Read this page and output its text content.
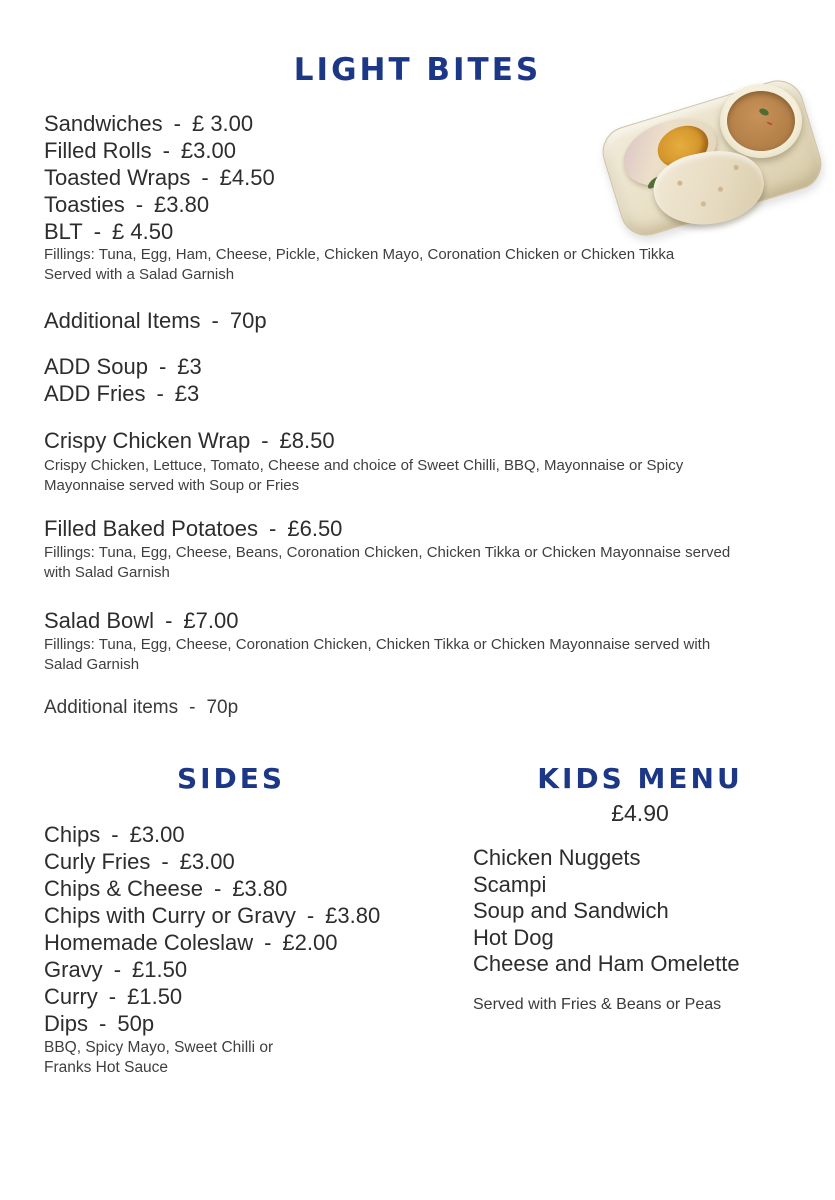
LIGHT BITES
Sandwiches - £ 3.00
Filled Rolls - £3.00
Toasted Wraps - £4.50
Toasties - £3.80
BLT - £ 4.50
Fillings: Tuna, Egg, Ham, Cheese, Pickle, Chicken Mayo, Coronation Chicken or Chicken Tikka
Served with a Salad Garnish
Additional Items - 70p
ADD Soup - £3
ADD Fries - £3
Crispy Chicken Wrap - £8.50
Crispy Chicken, Lettuce, Tomato, Cheese and choice of Sweet Chilli, BBQ, Mayonnaise or Spicy
Mayonnaise served with Soup or Fries
Filled Baked Potatoes - £6.50
Fillings: Tuna, Egg, Cheese, Beans, Coronation Chicken, Chicken Tikka or Chicken Mayonnaise served
with Salad Garnish
Salad Bowl - £7.00
Fillings: Tuna, Egg, Cheese, Coronation Chicken, Chicken Tikka or Chicken Mayonnaise served with
Salad Garnish
Additional items - 70p
SIDES
Chips - £3.00
Curly Fries - £3.00
Chips & Cheese - £3.80
Chips with Curry or Gravy - £3.80
Homemade Coleslaw - £2.00
Gravy - £1.50
Curry - £1.50
Dips - 50p
BBQ, Spicy Mayo, Sweet Chilli or
Franks Hot Sauce
KIDS MENU
£4.90
Chicken Nuggets
Scampi
Soup and Sandwich
Hot Dog
Cheese and Ham Omelette
Served with Fries & Beans or Peas
